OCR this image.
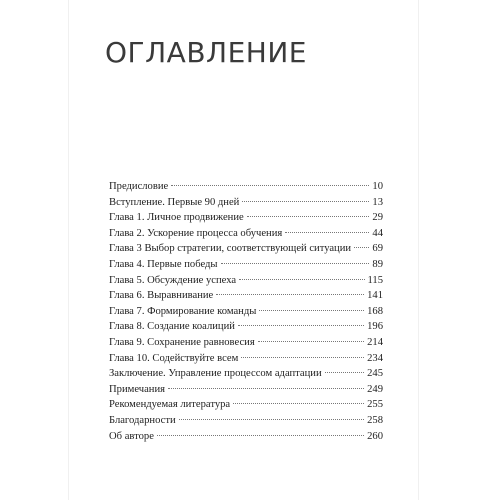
ОГЛАВЛЕНИЕ
Предисловие	10
Вступление. Первые 90 дней	13
Глава 1. Личное продвижение	29
Глава 2. Ускорение процесса обучения	44
Глава 3 Выбор стратегии, соответствующей ситуации 69
Глава 4. Первые победы	89
Глава 5. Обсуждение успеха	115
Глава 6. Выравнивание	141
Глава 7. Формирование команды	168
Глава 8. Создание коалиций	196
Глава 9. Сохранение равновесия	214
Глава 10. Содействуйте всем	234
Заключение. Управление процессом адаптации	245
Примечания	249
Рекомендуемая литература	255
Благодарности	258
Об авторе	260
